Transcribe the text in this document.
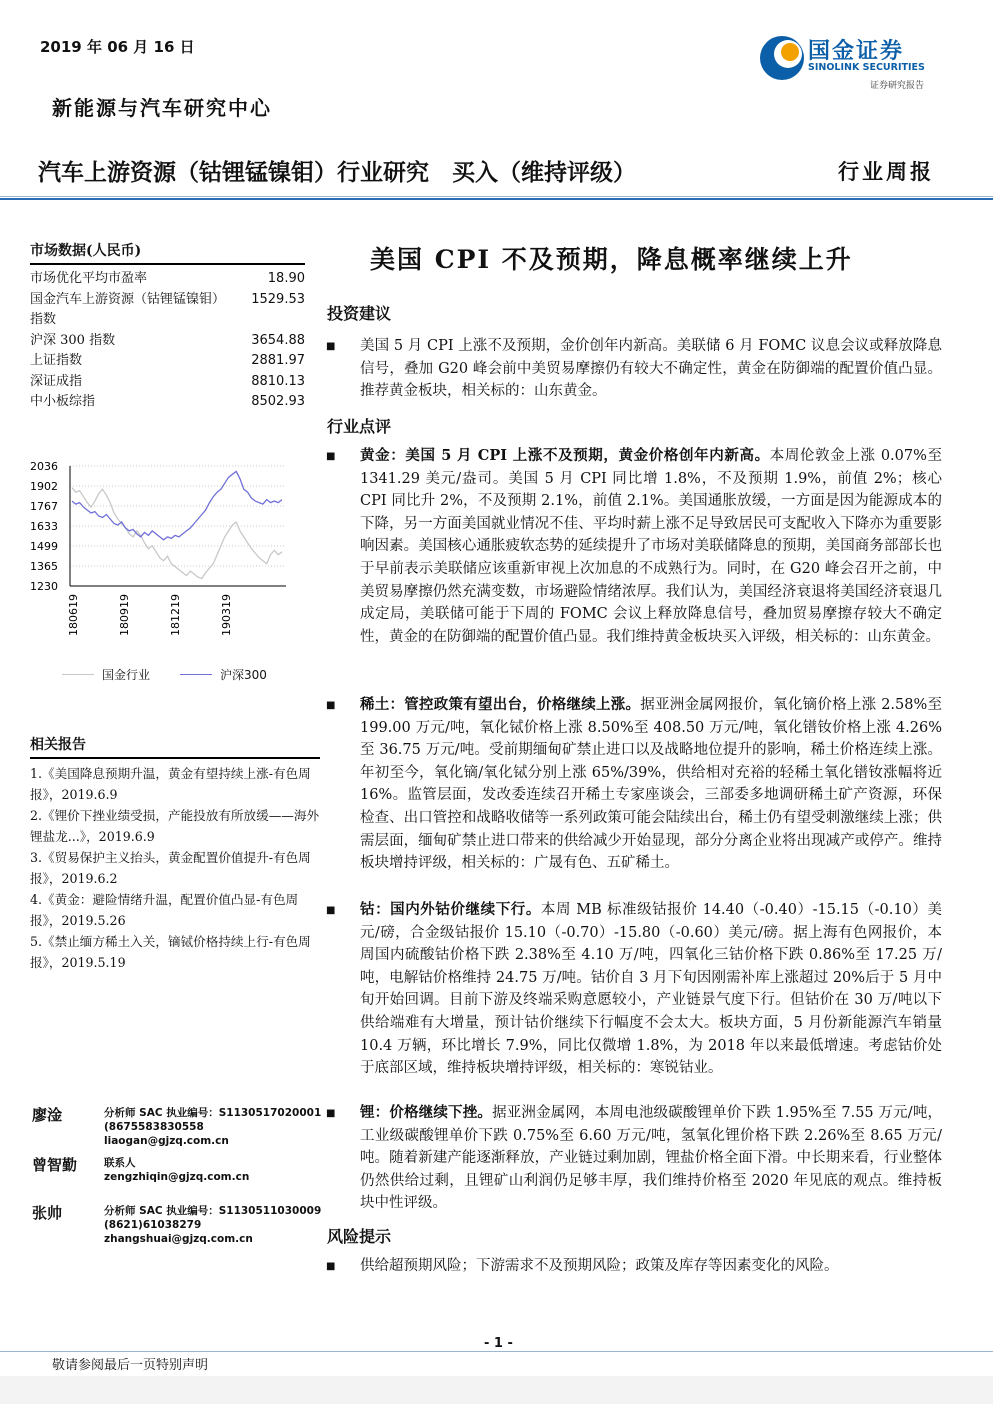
2019 年 06 月 16 日
新能源与汽车研究中心
国金证券
SINOLINK SECURITIES
证券研究报告
汽车上游资源（钴锂锰镍钼）行业研究　买入（维持评级）	行业周报
市场数据(人民币)
市场优化平均市盈率	18.90
国金汽车上游资源（钴锂锰镍钼）指数
1529.53
沪深 300 指数	3654.88
上证指数	2881.97
深证成指	8810.13
中小板综指	8502.93
2036
1902
1767
1633
1499
1365
1230
180619	180919	181219	190319
国金行业	沪深300
相关报告
1.《美国降息预期升温，黄金有望持续上涨-有色周报》，2019.6.9
2.《锂价下挫业绩受损，产能投放有所放缓——海外锂盐龙...》，2019.6.9
3.《贸易保护主义抬头，黄金配置价值提升-有色周报》，2019.6.2
4.《黄金：避险情绪升温，配置价值凸显-有色周报》，2019.5.26
5.《禁止缅方稀土入关，镝铽价格持续上行-有色周报》，2019.5.19
廖淦	分析师 SAC 执业编号：S1130517020001
(8675583830558
liaogan@gjzq.com.cn
曾智勤	联系人
zengzhiqin@gjzq.com.cn
张帅	分析师 SAC 执业编号：S1130511030009
(8621)61038279
zhangshuai@gjzq.com.cn
美国 CPI 不及预期，降息概率继续上升
投资建议
■ 美国 5 月 CPI 上涨不及预期，金价创年内新高。美联储 6 月 FOMC 议息会议或释放降息信号，叠加 G20 峰会前中美贸易摩擦仍有较大不确定性，黄金在防御端的配置价值凸显。推荐黄金板块，相关标的：山东黄金。
行业点评
■ 黄金：美国 5 月 CPI 上涨不及预期，黄金价格创年内新高。本周伦敦金上涨 0.07%至 1341.29 美元/盎司。美国 5 月 CPI 同比增 1.8%，不及预期 1.9%，前值 2%；核心 CPI 同比升 2%，不及预期 2.1%，前值 2.1%。美国通胀放缓，一方面是因为能源成本的下降，另一方面美国就业情况不佳、平均时薪上涨不足导致居民可支配收入下降亦为重要影响因素。美国核心通胀疲软态势的延续提升了市场对美联储降息的预期，美国商务部部长也于早前表示美联储应该重新审视上次加息的不成熟行为。同时，在 G20 峰会召开之前，中美贸易摩擦仍然充满变数，市场避险情绪浓厚。我们认为，美国经济衰退将美国经济衰退几成定局，美联储可能于下周的 FOMC 会议上释放降息信号，叠加贸易摩擦存较大不确定性，黄金的在防御端的配置价值凸显。我们维持黄金板块买入评级，相关标的：山东黄金。
■ 稀土：管控政策有望出台，价格继续上涨。据亚洲金属网报价，氧化镝价格上涨 2.58%至 199.00 万元/吨，氧化铽价格上涨 8.50%至 408.50 万元/吨，氧化镨钕价格上涨 4.26%至 36.75 万元/吨。受前期缅甸矿禁止进口以及战略地位提升的影响，稀土价格连续上涨。年初至今，氧化镝/氧化铽分别上涨 65%/39%，供给相对充裕的轻稀土氧化镨钕涨幅将近 16%。监管层面，发改委连续召开稀土专家座谈会，三部委多地调研稀土矿产资源，环保检查、出口管控和战略收储等一系列政策可能会陆续出台，稀土仍有望受刺激继续上涨；供需层面，缅甸矿禁止进口带来的供给减少开始显现，部分分离企业将出现减产或停产。维持板块增持评级，相关标的：广晟有色、五矿稀土。
■ 钴：国内外钴价继续下行。本周 MB 标准级钴报价 14.40（-0.40）-15.15（-0.10）美元/磅，合金级钴报价 15.10（-0.70）-15.80（-0.60）美元/磅。据上海有色网报价，本周国内硫酸钴价格下跌 2.38%至 4.10 万/吨，四氧化三钴价格下跌 0.86%至 17.25 万/吨，电解钴价格维持 24.75 万/吨。钴价自 3 月下旬因刚需补库上涨超过 20%后于 5 月中旬开始回调。目前下游及终端采购意愿较小，产业链景气度下行。但钴价在 30 万/吨以下供给端难有大增量，预计钴价继续下行幅度不会太大。板块方面，5 月份新能源汽车销量 10.4 万辆，环比增长 7.9%，同比仅微增 1.8%，为 2018 年以来最低增速。考虑钴价处于底部区域，维持板块增持评级，相关标的：寒锐钴业。
■ 锂：价格继续下挫。据亚洲金属网，本周电池级碳酸锂单价下跌 1.95%至 7.55 万元/吨，工业级碳酸锂单价下跌 0.75%至 6.60 万元/吨，氢氧化锂价格下跌 2.26%至 8.65 万元/吨。随着新建产能逐渐释放，产业链过剩加剧，锂盐价格全面下滑。中长期来看，行业整体仍然供给过剩，且锂矿山利润仍足够丰厚，我们维持价格至 2020 年见底的观点。维持板块中性评级。
风险提示
■ 供给超预期风险；下游需求不及预期风险；政策及库存等因素变化的风险。
- 1 -
敬请参阅最后一页特别声明
